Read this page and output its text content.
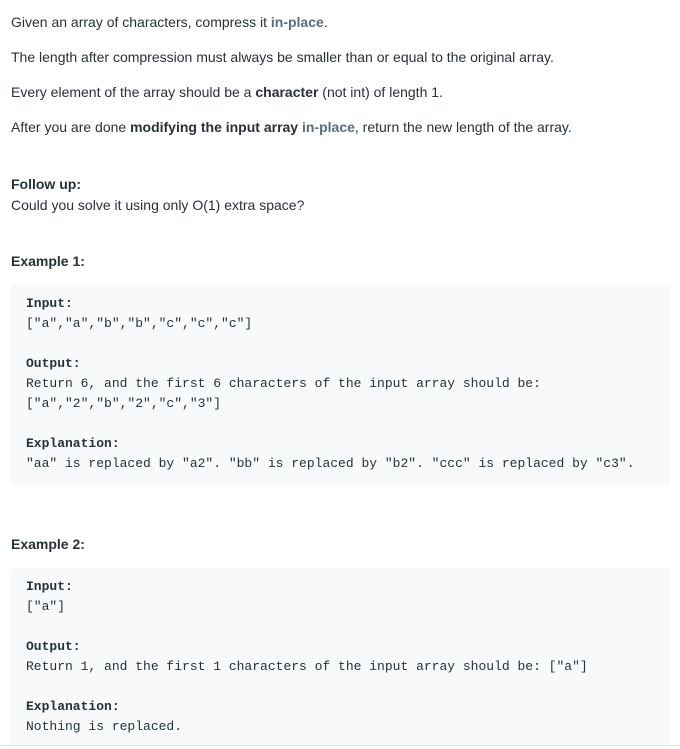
Given an array of characters, compress it in-place.
The length after compression must always be smaller than or equal to the original array.
Every element of the array should be a character (not int) of length 1.
After you are done modifying the input array in-place, return the new length of the array.
Follow up:
Could you solve it using only O(1) extra space?
Example 1:
Input:
["a","a","b","b","c","c","c"]
Output:
Return 6, and the first 6 characters of the input array should be:
["a","2","b","2","c","3"]
Explanation:
"aa" is replaced by "a2". "bb" is replaced by "b2". "ccc" is replaced by "c3".
Example 2:
Input:
["a"]
Output:
Return 1, and the first 1 characters of the input array should be: ["a"]
Explanation:
Nothing is replaced.
